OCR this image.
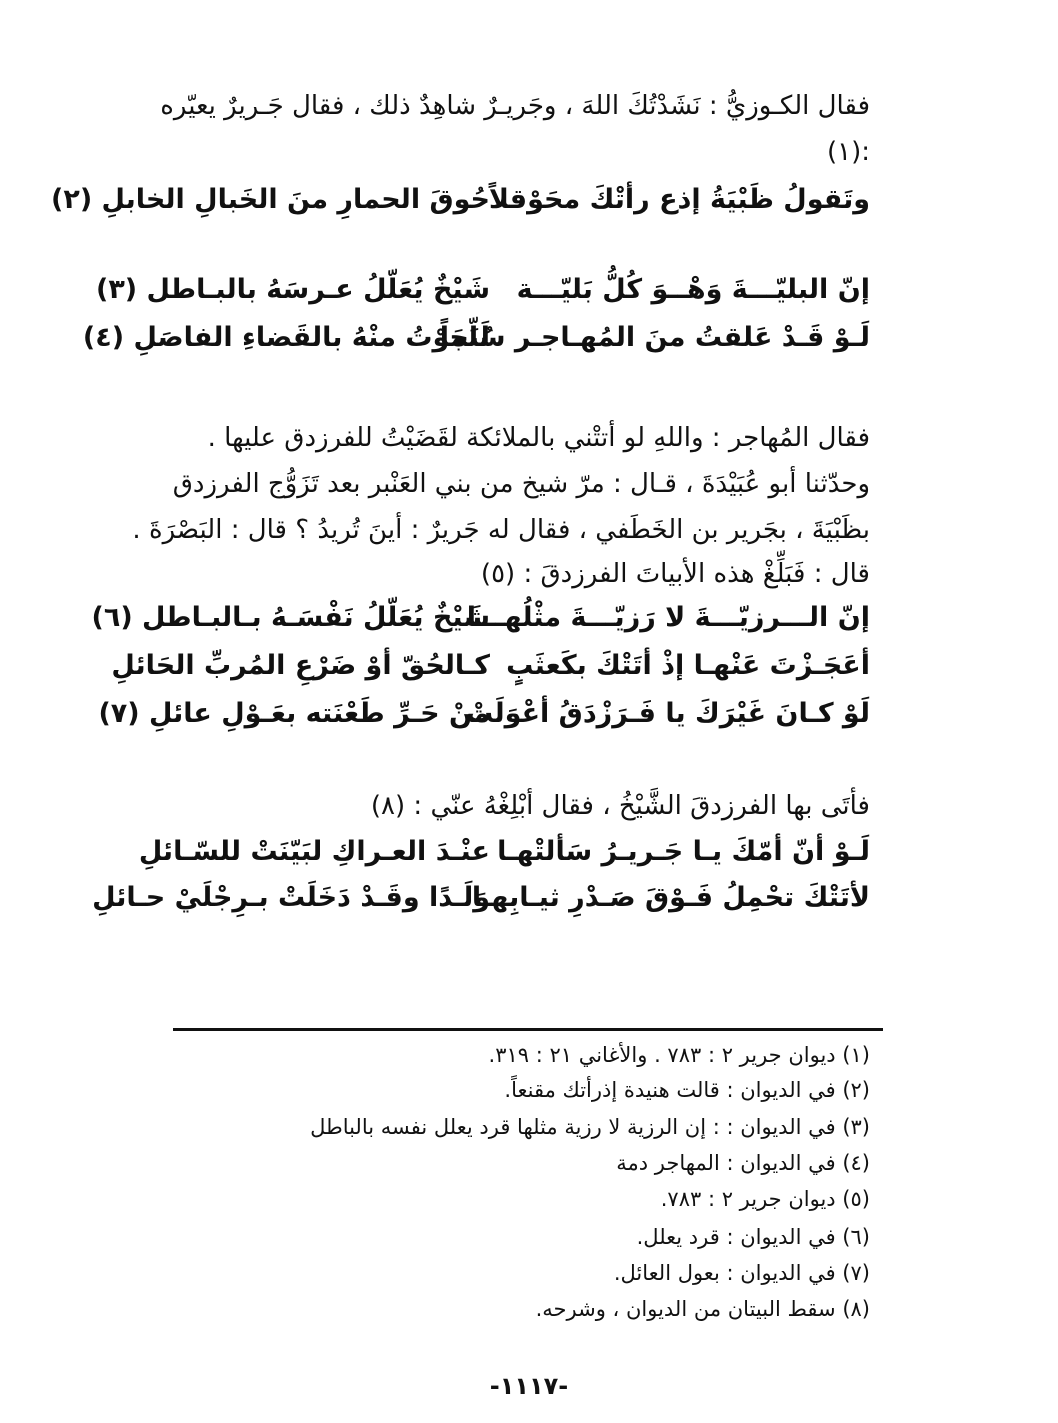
فقال الكـوزيُّ : نَشَدْتُكَ اللهَ ، وجَريـرٌ شاهِدٌ ذلك ، فقال جَـريرٌ يعيّره
:(١)
وتَقولُ ظَبْيَةُ إذع رأتْكَ محَوْقلاً
حُوقَ الحمارِ منَ الخَبالِ الخابلِ (٢)
إنّ البليّـــةَ وَهْــوَ كُلُّ بَليّـــة
شَيْخٌ يُعَلّلُ عـرسَهُ بالبـاطل (٣)
لَـوْ قَـدْ عَلقتُ منَ المُهـاجـر سُلّماً
لَنَجَوْتُ منْهُ بالقَضاءِ الفاصَلِ (٤)
فقال المُهاجر : واللهِ لو أتتْني بالملائكة لقَضَيْتُ للفرزدق عليها .
وحدّثنا أبو عُبَيْدَةَ ، قـال : مرّ شيخ من بني العَنْبر بعد تَزَوُّج الفرزدق
بظَبْيَةَ ، بجَرير بن الخَطَفي ، فقال له جَريرٌ : أينَ تُريدُ ؟ قال : البَصْرَةَ .
قال : فَبَلِّغْ هذه الأبياتَ الفرزدقَ : (٥)
إنّ الـــرزيّـــةَ لا رَزيّـــةَ مثْلُهـــا
شَيْخٌ يُعَلّلُ نَفْسَـهُ بـالبـاطل (٦)
أعَجَـزْتَ عَنْهـا إذْ أتَتْكَ بكَعثَبٍ
كـالحُقّ أوْ ضَرْعِ المُربِّ الحَائلِ
لَوْ كـانَ غَيْرَكَ يا فَـرَزْدَقُ أعْوَلَتْ
منْ حَـرِّ طَعْنَته بعَـوْلِ عائلِ (٧)
فأتَى بها الفرزدقَ الشَّيْخُ ، فقال أبْلِغْهُ عنّي : (٨)
لَـوْ أنّ أمّكَ يـا جَـريـرُ سَألتْهـا
عنْـدَ العـراكِ لبَيّنَتْ للسّـائلِ
لأتَتْكَ تحْمِلُ فَـوْقَ صَـدْرِ ثيـابِهـا
وَلَـدًا وقَـدْ دَخَلَتْ بـرِجْلَيْ حـائلِ
(١) ديوان جرير ٢ : ٧٨٣ . والأغاني ٢١ : ٣١٩.
(٢) في الديوان : قالت هنيدة إذرأتك مقنعاً.
(٣) في الديوان : : إن الرزية لا رزية مثلها قرد يعلل نفسه بالباطل
(٤) في الديوان : المهاجر دمة
(٥) ديوان جرير ٢ : ٧٨٣.
(٦) في الديوان : قرد يعلل.
(٧) في الديوان : بعول العائل.
(٨) سقط البيتان من الديوان ، وشرحه.
-١١١٧-
